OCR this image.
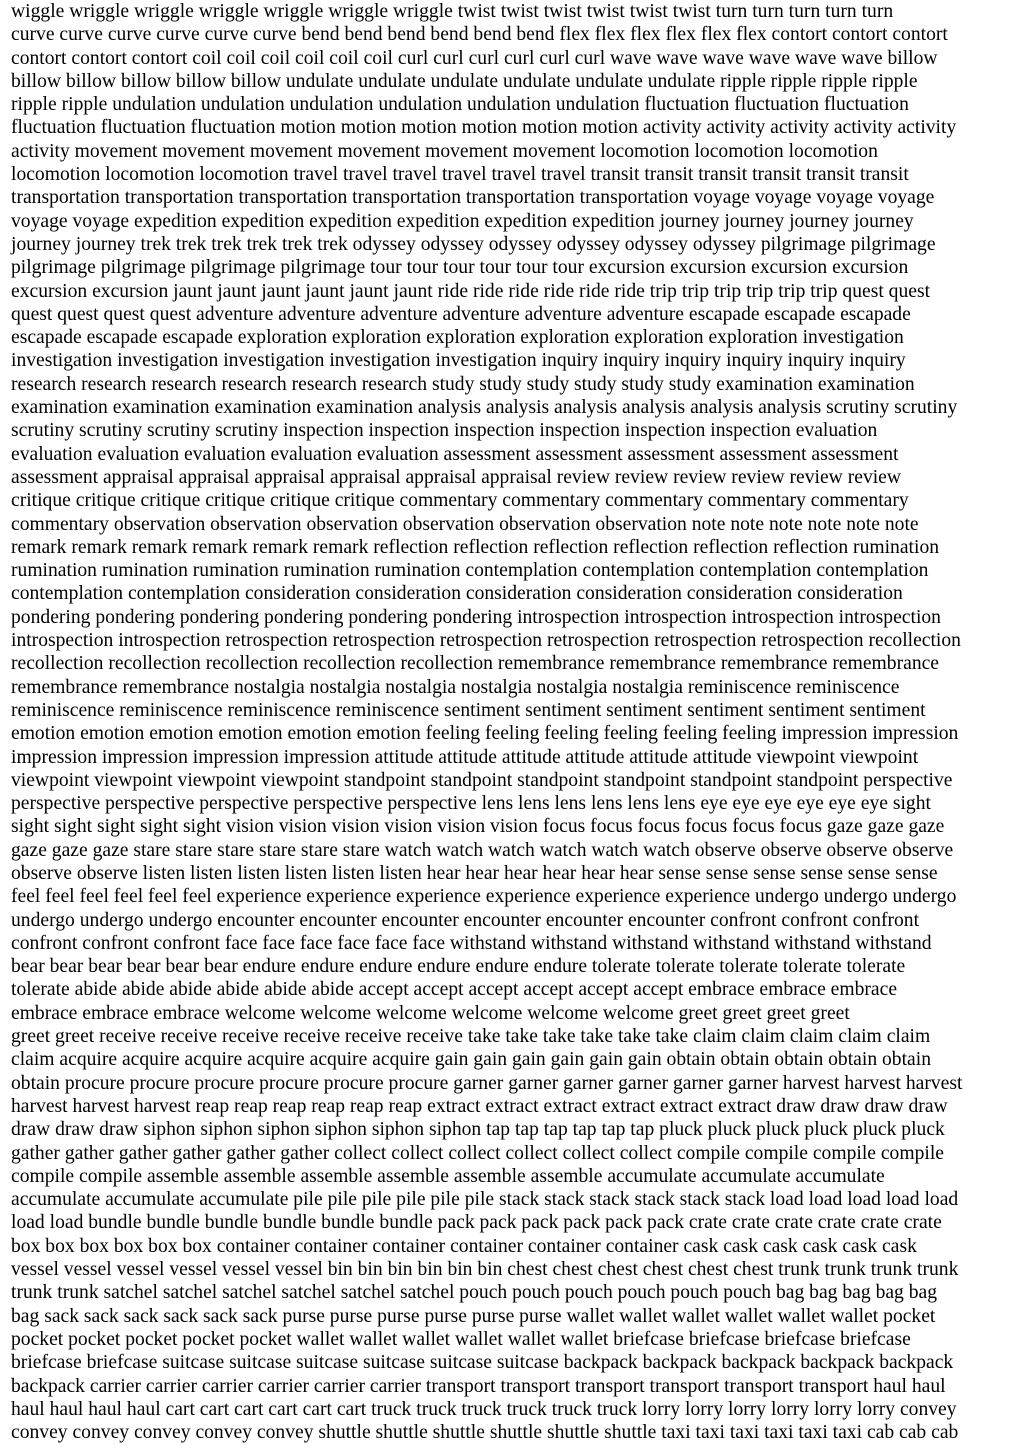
wiggle wriggle wriggle wriggle wriggle wriggle wriggle twist twist twist twist twist twist turn turn turn turn turn
curve curve curve curve curve curve bend bend bend bend bend bend flex flex flex flex flex flex contort contort contort
contort contort contort coil coil coil coil coil coil curl curl curl curl curl curl wave wave wave wave wave wave billow
billow billow billow billow billow undulate undulate undulate undulate undulate undulate ripple ripple ripple ripple
ripple ripple undulation undulation undulation undulation undulation undulation fluctuation fluctuation fluctuation
fluctuation fluctuation fluctuation motion motion motion motion motion motion activity activity activity activity activity
activity movement movement movement movement movement movement locomotion locomotion locomotion
locomotion locomotion locomotion travel travel travel travel travel travel transit transit transit transit transit transit
transportation transportation transportation transportation transportation transportation voyage voyage voyage voyage
voyage voyage expedition expedition expedition expedition expedition expedition journey journey journey journey
journey journey trek trek trek trek trek trek odyssey odyssey odyssey odyssey odyssey odyssey pilgrimage pilgrimage
pilgrimage pilgrimage pilgrimage pilgrimage tour tour tour tour tour tour excursion excursion excursion excursion
excursion excursion jaunt jaunt jaunt jaunt jaunt jaunt ride ride ride ride ride ride trip trip trip trip trip trip quest quest
quest quest quest quest adventure adventure adventure adventure adventure adventure escapade escapade escapade
escapade escapade escapade exploration exploration exploration exploration exploration exploration investigation
investigation investigation investigation investigation investigation inquiry inquiry inquiry inquiry inquiry inquiry
research research research research research research study study study study study study examination examination
examination examination examination examination analysis analysis analysis analysis analysis analysis scrutiny scrutiny
scrutiny scrutiny scrutiny scrutiny inspection inspection inspection inspection inspection inspection evaluation
evaluation evaluation evaluation evaluation evaluation assessment assessment assessment assessment assessment
assessment appraisal appraisal appraisal appraisal appraisal appraisal review review review review review review
critique critique critique critique critique critique commentary commentary commentary commentary commentary
commentary observation observation observation observation observation observation note note note note note note
remark remark remark remark remark remark reflection reflection reflection reflection reflection reflection rumination
rumination rumination rumination rumination rumination contemplation contemplation contemplation contemplation
contemplation contemplation consideration consideration consideration consideration consideration consideration
pondering pondering pondering pondering pondering pondering introspection introspection introspection introspection
introspection introspection retrospection retrospection retrospection retrospection retrospection retrospection recollection
recollection recollection recollection recollection recollection remembrance remembrance remembrance remembrance
remembrance remembrance nostalgia nostalgia nostalgia nostalgia nostalgia nostalgia reminiscence reminiscence
reminiscence reminiscence reminiscence reminiscence sentiment sentiment sentiment sentiment sentiment sentiment
emotion emotion emotion emotion emotion emotion feeling feeling feeling feeling feeling feeling impression impression
impression impression impression impression attitude attitude attitude attitude attitude attitude viewpoint viewpoint
viewpoint viewpoint viewpoint viewpoint standpoint standpoint standpoint standpoint standpoint standpoint perspective
perspective perspective perspective perspective perspective lens lens lens lens lens lens eye eye eye eye eye eye sight
sight sight sight sight sight vision vision vision vision vision vision focus focus focus focus focus focus gaze gaze gaze
gaze gaze gaze stare stare stare stare stare stare watch watch watch watch watch watch observe observe observe observe
observe observe listen listen listen listen listen listen hear hear hear hear hear hear sense sense sense sense sense sense
feel feel feel feel feel feel experience experience experience experience experience experience undergo undergo undergo
undergo undergo undergo encounter encounter encounter encounter encounter encounter confront confront confront
confront confront confront face face face face face face withstand withstand withstand withstand withstand withstand
bear bear bear bear bear bear endure endure endure endure endure endure tolerate tolerate tolerate tolerate tolerate
tolerate abide abide abide abide abide abide accept accept accept accept accept accept embrace embrace embrace
embrace embrace embrace welcome welcome welcome welcome welcome welcome greet greet greet greet
greet greet receive receive receive receive receive receive take take take take take take claim claim claim claim claim
claim acquire acquire acquire acquire acquire acquire gain gain gain gain gain gain obtain obtain obtain obtain obtain
obtain procure procure procure procure procure procure garner garner garner garner garner garner harvest harvest harvest
harvest harvest harvest reap reap reap reap reap reap extract extract extract extract extract extract draw draw draw draw
draw draw draw siphon siphon siphon siphon siphon siphon tap tap tap tap tap tap pluck pluck pluck pluck pluck pluck
gather gather gather gather gather gather collect collect collect collect collect collect compile compile compile compile
compile compile assemble assemble assemble assemble assemble assemble accumulate accumulate accumulate
accumulate accumulate accumulate pile pile pile pile pile pile stack stack stack stack stack stack load load load load load
load load bundle bundle bundle bundle bundle bundle pack pack pack pack pack pack crate crate crate crate crate crate
box box box box box box container container container container container container cask cask cask cask cask cask
vessel vessel vessel vessel vessel vessel bin bin bin bin bin bin chest chest chest chest chest chest trunk trunk trunk trunk
trunk trunk satchel satchel satchel satchel satchel satchel pouch pouch pouch pouch pouch pouch bag bag bag bag bag
bag sack sack sack sack sack sack purse purse purse purse purse purse wallet wallet wallet wallet wallet wallet pocket
pocket pocket pocket pocket pocket wallet wallet wallet wallet wallet wallet briefcase briefcase briefcase briefcase
briefcase briefcase suitcase suitcase suitcase suitcase suitcase suitcase backpack backpack backpack backpack backpack
backpack carrier carrier carrier carrier carrier carrier transport transport transport transport transport transport haul haul
haul haul haul haul cart cart cart cart cart cart truck truck truck truck truck truck lorry lorry lorry lorry lorry lorry convey
convey convey convey convey convey shuttle shuttle shuttle shuttle shuttle shuttle taxi taxi taxi taxi taxi taxi cab cab cab
